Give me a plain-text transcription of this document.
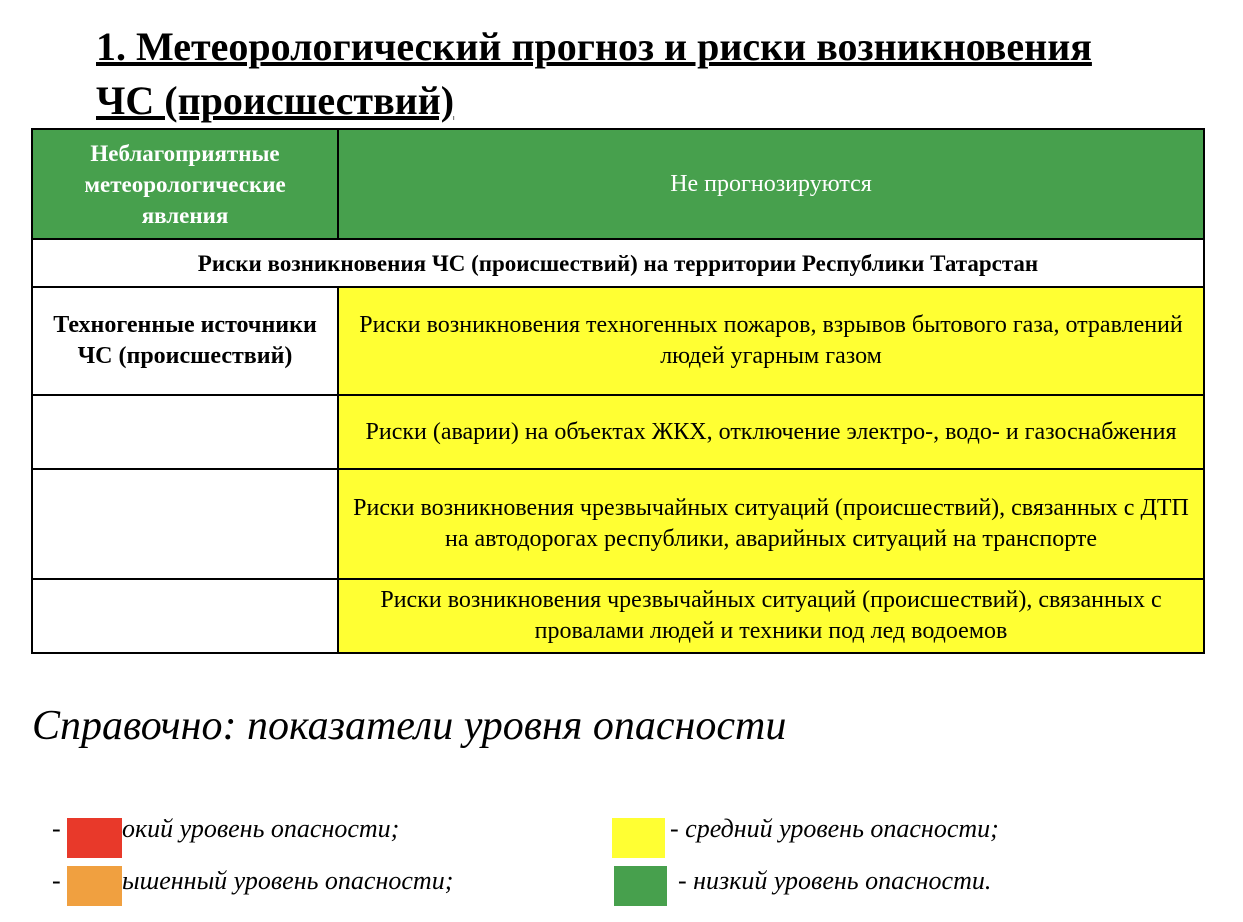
1. Метеорологический прогноз и риски возникновения ЧС (происшествий)
Неблагоприятные метеорологические явления	Не прогнозируются
Риски возникновения ЧС (происшествий) на территории Республики Татарстан	
Техногенные источники ЧС (происшествий)	Риски возникновения техногенных пожаров, взрывов бытового газа, отравлений людей угарным газом
	Риски (аварии) на объектах ЖКХ, отключение электро-, водо- и газоснабжения
	Риски возникновения чрезвычайных ситуаций (происшествий), связанных с ДТП на автодорогах республики, аварийных ситуаций на транспорте
	Риски возникновения чрезвычайных ситуаций (происшествий), связанных с провалами людей и техники под лед водоемов
Справочно: показатели уровня опасности
- окий уровень опасности;
- ышенный уровень опасности;
- средний уровень опасности;
- низкий уровень опасности.
